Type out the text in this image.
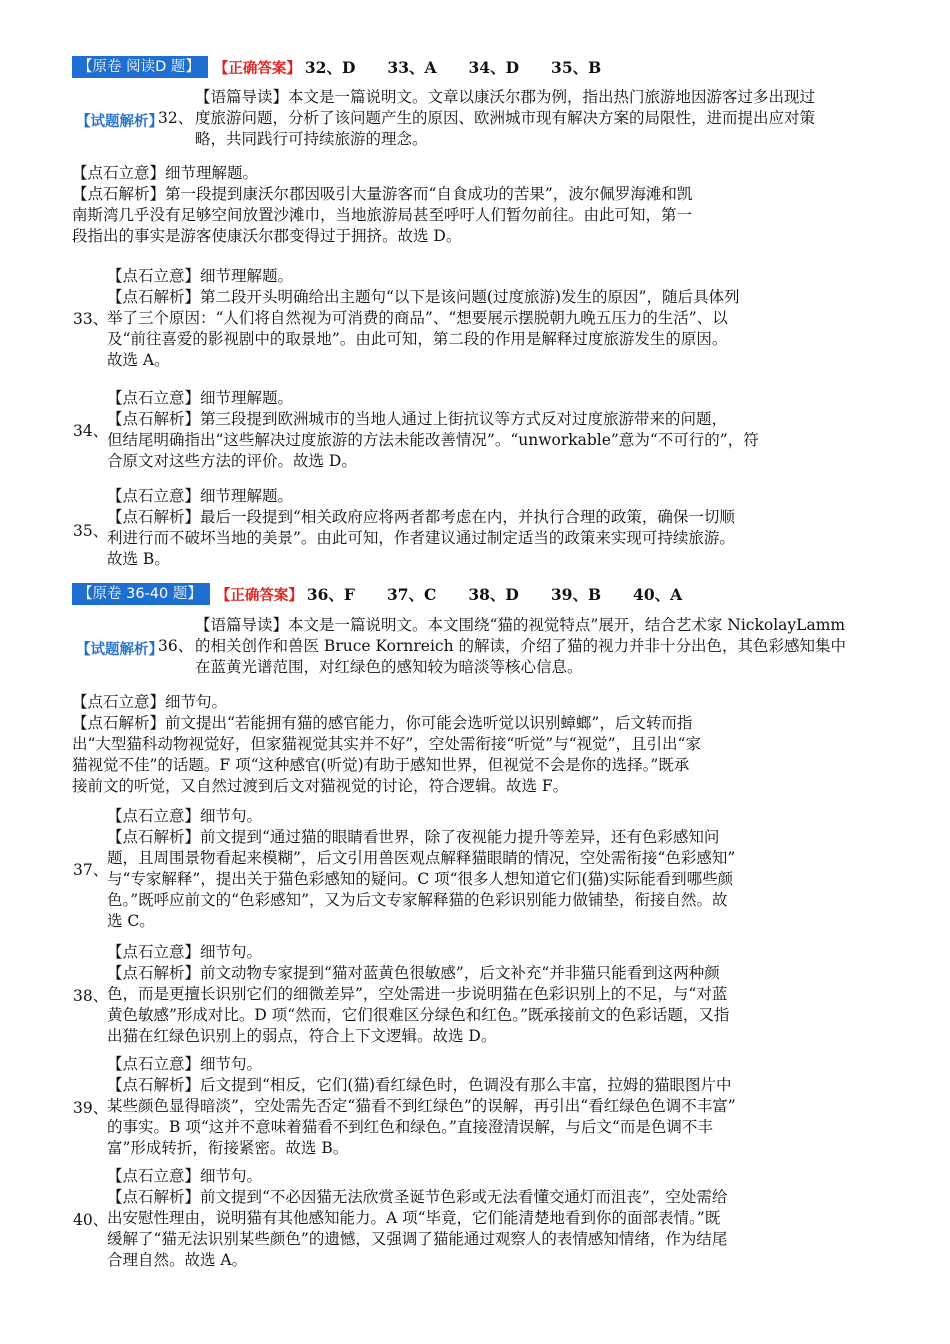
【原卷 阅读D 题】 【正确答案】 32、D 33、A 34、D 35、B
【试题解析】
32、
【语篇导读】本文是一篇说明文。文章以康沃尔郡为例，指出热门旅游地因游客过多出现过
度旅游问题，分析了该问题产生的原因、欧洲城市现有解决方案的局限性，进而提出应对策
略，共同践行可持续旅游的理念。
【点石立意】细节理解题。
【点石解析】第一段提到康沃尔郡因吸引大量游客而“自食成功的苦果”，波尔佩罗海滩和凯
南斯湾几乎没有足够空间放置沙滩巾，当地旅游局甚至呼吁人们暂勿前往。由此可知，第一
段指出的事实是游客使康沃尔郡变得过于拥挤。故选 D。
33、
【点石立意】细节理解题。
【点石解析】第二段开头明确给出主题句“以下是该问题(过度旅游)发生的原因”，随后具体列
举了三个原因：“人们将自然视为可消费的商品”、“想要展示摆脱朝九晚五压力的生活”、以
及“前往喜爱的影视剧中的取景地”。由此可知，第二段的作用是解释过度旅游发生的原因。
故选 A。
34、
【点石立意】细节理解题。
【点石解析】第三段提到欧洲城市的当地人通过上街抗议等方式反对过度旅游带来的问题，
但结尾明确指出“这些解决过度旅游的方法未能改善情况”。“unworkable”意为“不可行的”，符
合原文对这些方法的评价。故选 D。
35、
【点石立意】细节理解题。
【点石解析】最后一段提到“相关政府应将两者都考虑在内，并执行合理的政策，确保一切顺
利进行而不破坏当地的美景”。由此可知，作者建议通过制定适当的政策来实现可持续旅游。
故选 B。
【原卷 36-40 题】 【正确答案】 36、F 37、C 38、D 39、B 40、A
【试题解析】
36、
【语篇导读】本文是一篇说明文。本文围绕“猫的视觉特点”展开，结合艺术家 NickolayLamm
的相关创作和兽医 Bruce Kornreich 的解读，介绍了猫的视力并非十分出色，其色彩感知集中
在蓝黄光谱范围，对红绿色的感知较为暗淡等核心信息。
【点石立意】细节句。
【点石解析】前文提出“若能拥有猫的感官能力，你可能会选听觉以识别蟑螂”，后文转而指
出“大型猫科动物视觉好，但家猫视觉其实并不好”，空处需衔接“听觉”与“视觉”，且引出“家
猫视觉不佳”的话题。F 项“这种感官(听觉)有助于感知世界，但视觉不会是你的选择。”既承
接前文的听觉，又自然过渡到后文对猫视觉的讨论，符合逻辑。故选 F。
37、
【点石立意】细节句。
【点石解析】前文提到“通过猫的眼睛看世界，除了夜视能力提升等差异，还有色彩感知问
题，且周围景物看起来模糊”，后文引用兽医观点解释猫眼睛的情况，空处需衔接“色彩感知”
与“专家解释”，提出关于猫色彩感知的疑问。C 项“很多人想知道它们(猫)实际能看到哪些颜
色。”既呼应前文的“色彩感知”，又为后文专家解释猫的色彩识别能力做铺垫，衔接自然。故
选 C。
38、
【点石立意】细节句。
【点石解析】前文动物专家提到“猫对蓝黄色很敏感”，后文补充“并非猫只能看到这两种颜
色，而是更擅长识别它们的细微差异”，空处需进一步说明猫在色彩识别上的不足，与“对蓝
黄色敏感”形成对比。D 项“然而，它们很难区分绿色和红色。”既承接前文的色彩话题，又指
出猫在红绿色识别上的弱点，符合上下文逻辑。故选 D。
39、
【点石立意】细节句。
【点石解析】后文提到“相反，它们(猫)看红绿色时，色调没有那么丰富，拉姆的猫眼图片中
某些颜色显得暗淡”，空处需先否定“猫看不到红绿色”的误解，再引出“看红绿色色调不丰富”
的事实。B 项“这并不意味着猫看不到红色和绿色。”直接澄清误解，与后文“而是色调不丰
富”形成转折，衔接紧密。故选 B。
40、
【点石立意】细节句。
【点石解析】前文提到“不必因猫无法欣赏圣诞节色彩或无法看懂交通灯而沮丧”，空处需给
出安慰性理由，说明猫有其他感知能力。A 项“毕竟，它们能清楚地看到你的面部表情。”既
缓解了“猫无法识别某些颜色”的遗憾，又强调了猫能通过观察人的表情感知情绪，作为结尾
合理自然。故选 A。
